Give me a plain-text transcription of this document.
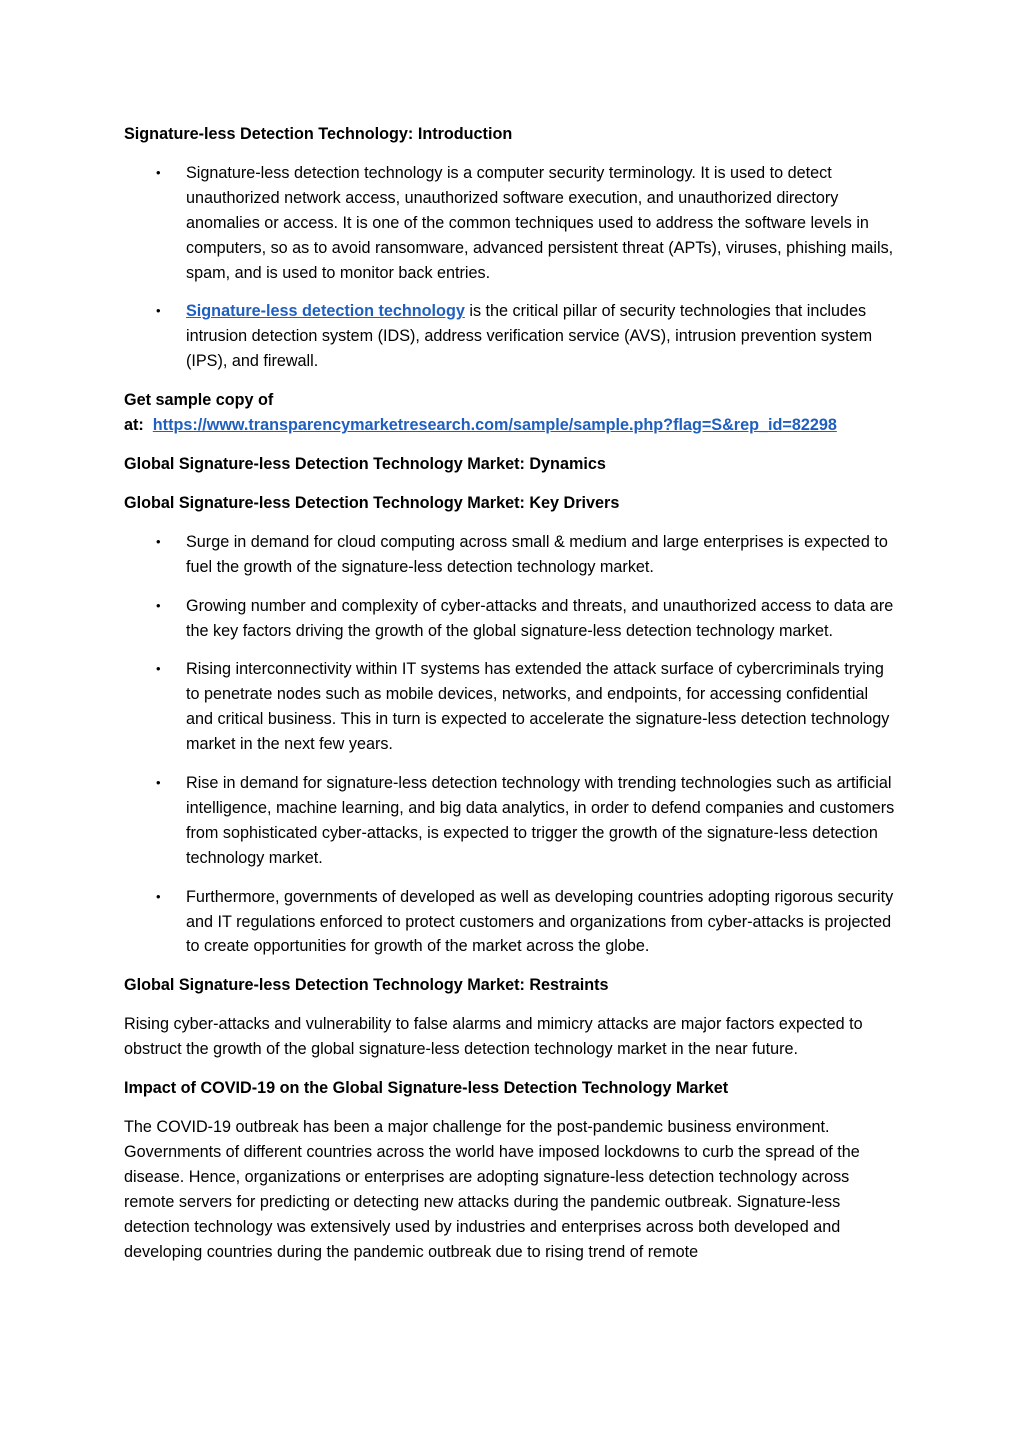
Signature-less Detection Technology: Introduction

• Signature-less detection technology is a computer security terminology. It is used to detect unauthorized network access, unauthorized software execution, and unauthorized directory anomalies or access. It is one of the common techniques used to address the software levels in computers, so as to avoid ransomware, advanced persistent threat (APTs), viruses, phishing mails, spam, and is used to monitor back entries.
• Signature-less detection technology is the critical pillar of security technologies that includes intrusion detection system (IDS), address verification service (AVS), intrusion prevention system (IPS), and firewall.

Get sample copy of
at: https://www.transparencymarketresearch.com/sample/sample.php?flag=S&rep_id=82298

Global Signature-less Detection Technology Market: Dynamics

Global Signature-less Detection Technology Market: Key Drivers

• Surge in demand for cloud computing across small & medium and large enterprises is expected to fuel the growth of the signature-less detection technology market.
• Growing number and complexity of cyber-attacks and threats, and unauthorized access to data are the key factors driving the growth of the global signature-less detection technology market.
• Rising interconnectivity within IT systems has extended the attack surface of cybercriminals trying to penetrate nodes such as mobile devices, networks, and endpoints, for accessing confidential and critical business. This in turn is expected to accelerate the signature-less detection technology market in the next few years.
• Rise in demand for signature-less detection technology with trending technologies such as artificial intelligence, machine learning, and big data analytics, in order to defend companies and customers from sophisticated cyber-attacks, is expected to trigger the growth of the signature-less detection technology market.
• Furthermore, governments of developed as well as developing countries adopting rigorous security and IT regulations enforced to protect customers and organizations from cyber-attacks is projected to create opportunities for growth of the market across the globe.

Global Signature-less Detection Technology Market: Restraints

Rising cyber-attacks and vulnerability to false alarms and mimicry attacks are major factors expected to obstruct the growth of the global signature-less detection technology market in the near future.

Impact of COVID-19 on the Global Signature-less Detection Technology Market

The COVID-19 outbreak has been a major challenge for the post-pandemic business environment. Governments of different countries across the world have imposed lockdowns to curb the spread of the disease. Hence, organizations or enterprises are adopting signature-less detection technology across remote servers for predicting or detecting new attacks during the pandemic outbreak. Signature-less detection technology was extensively used by industries and enterprises across both developed and developing countries during the pandemic outbreak due to rising trend of remote
